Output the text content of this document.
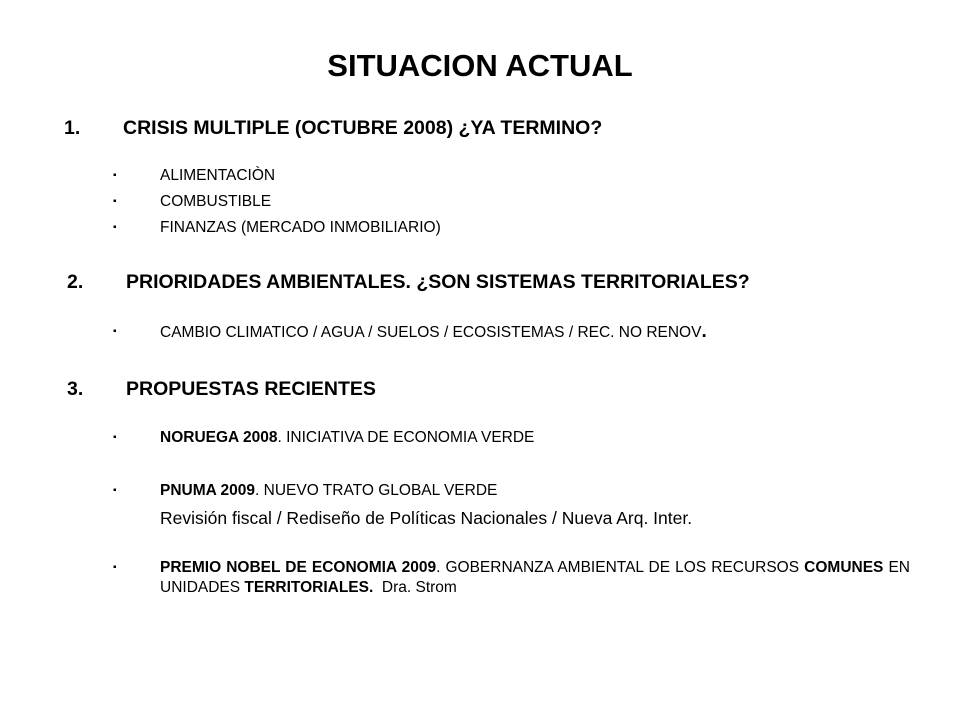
SITUACION ACTUAL
1. CRISIS MULTIPLE (OCTUBRE 2008) ¿YA TERMINO?
▪	ALIMENTACIÒN
▪	COMBUSTIBLE
▪	FINANZAS (MERCADO INMOBILIARIO)
2. PRIORIDADES AMBIENTALES. ¿SON SISTEMAS TERRITORIALES?
▪	CAMBIO CLIMATICO / AGUA / SUELOS / ECOSISTEMAS / REC. NO RENOV.
3. PROPUESTAS RECIENTES
▪	NORUEGA 2008. INICIATIVA DE ECONOMIA VERDE
▪	PNUMA 2009. NUEVO TRATO GLOBAL VERDE
Revisión fiscal / Rediseño de Políticas Nacionales / Nueva Arq. Inter.
▪	PREMIO NOBEL DE ECONOMIA 2009. GOBERNANZA AMBIENTAL DE LOS RECURSOS COMUNES EN UNIDADES TERRITORIALES.  Dra. Strom
